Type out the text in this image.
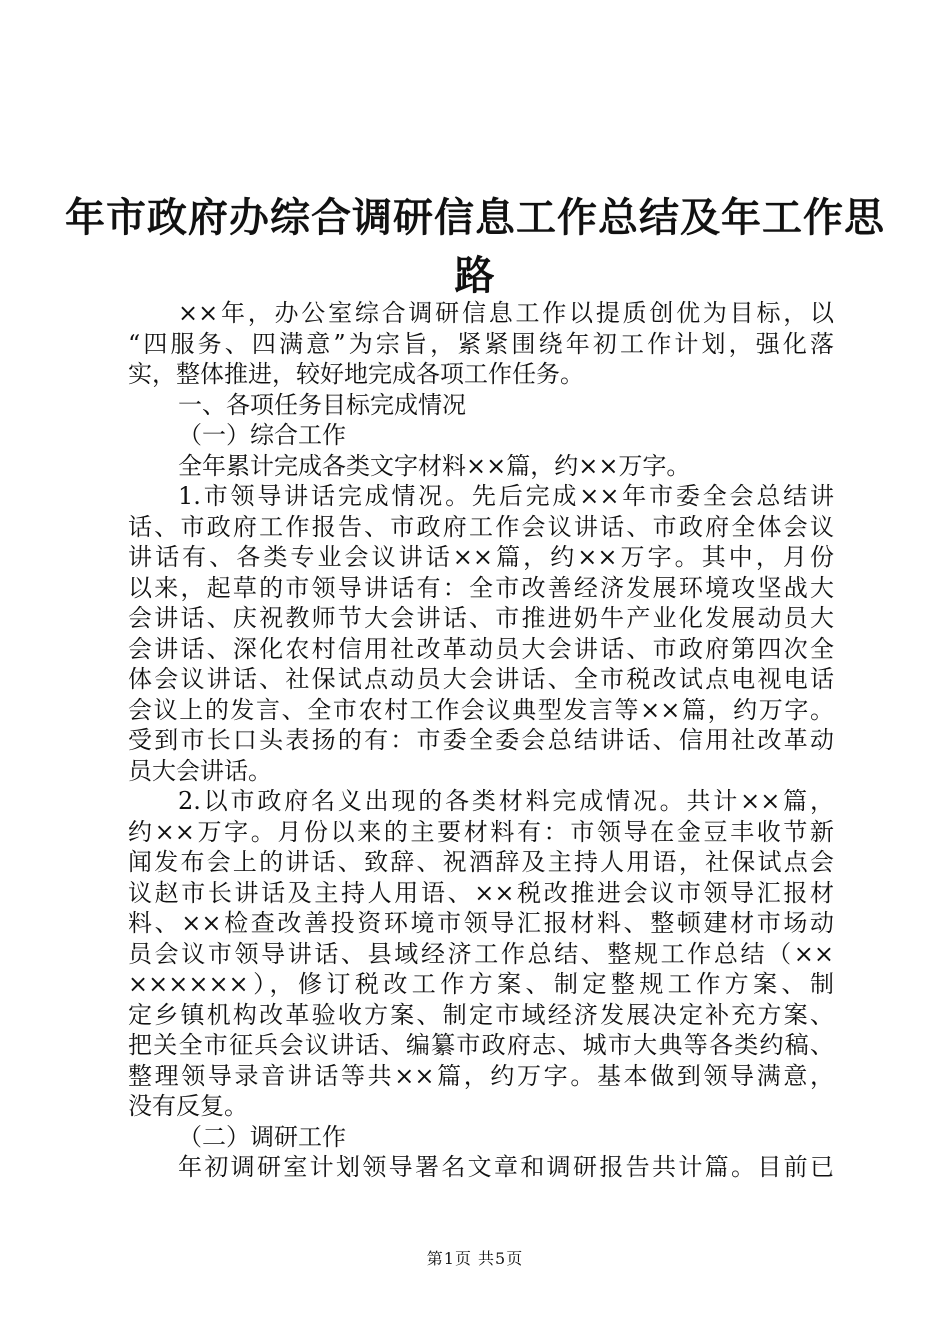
年市政府办综合调研信息工作总结及年工作思
路
××年，办公室综合调研信息工作以提质创优为目标，以
“四服务、四满意”为宗旨，紧紧围绕年初工作计划，强化落
实，整体推进，较好地完成各项工作任务。
一、各项任务目标完成情况
（一）综合工作
全年累计完成各类文字材料××篇，约××万字。
1.市领导讲话完成情况。先后完成××年市委全会总结讲
话、市政府工作报告、市政府工作会议讲话、市政府全体会议
讲话有、各类专业会议讲话××篇，约××万字。其中，月份
以来，起草的市领导讲话有：全市改善经济发展环境攻坚战大
会讲话、庆祝教师节大会讲话、市推进奶牛产业化发展动员大
会讲话、深化农村信用社改革动员大会讲话、市政府第四次全
体会议讲话、社保试点动员大会讲话、全市税改试点电视电话
会议上的发言、全市农村工作会议典型发言等××篇，约万字。
受到市长口头表扬的有：市委全委会总结讲话、信用社改革动
员大会讲话。
2.以市政府名义出现的各类材料完成情况。共计××篇，
约××万字。月份以来的主要材料有：市领导在金豆丰收节新
闻发布会上的讲话、致辞、祝酒辞及主持人用语，社保试点会
议赵市长讲话及主持人用语、××税改推进会议市领导汇报材
料、××检查改善投资环境市领导汇报材料、整顿建材市场动
员会议市领导讲话、县域经济工作总结、整规工作总结（××
××××××），修订税改工作方案、制定整规工作方案、制
定乡镇机构改革验收方案、制定市域经济发展决定补充方案、
把关全市征兵会议讲话、编纂市政府志、城市大典等各类约稿、
整理领导录音讲话等共××篇，约万字。基本做到领导满意，
没有反复。
（二）调研工作
年初调研室计划领导署名文章和调研报告共计篇。目前已
第1页 共5页
